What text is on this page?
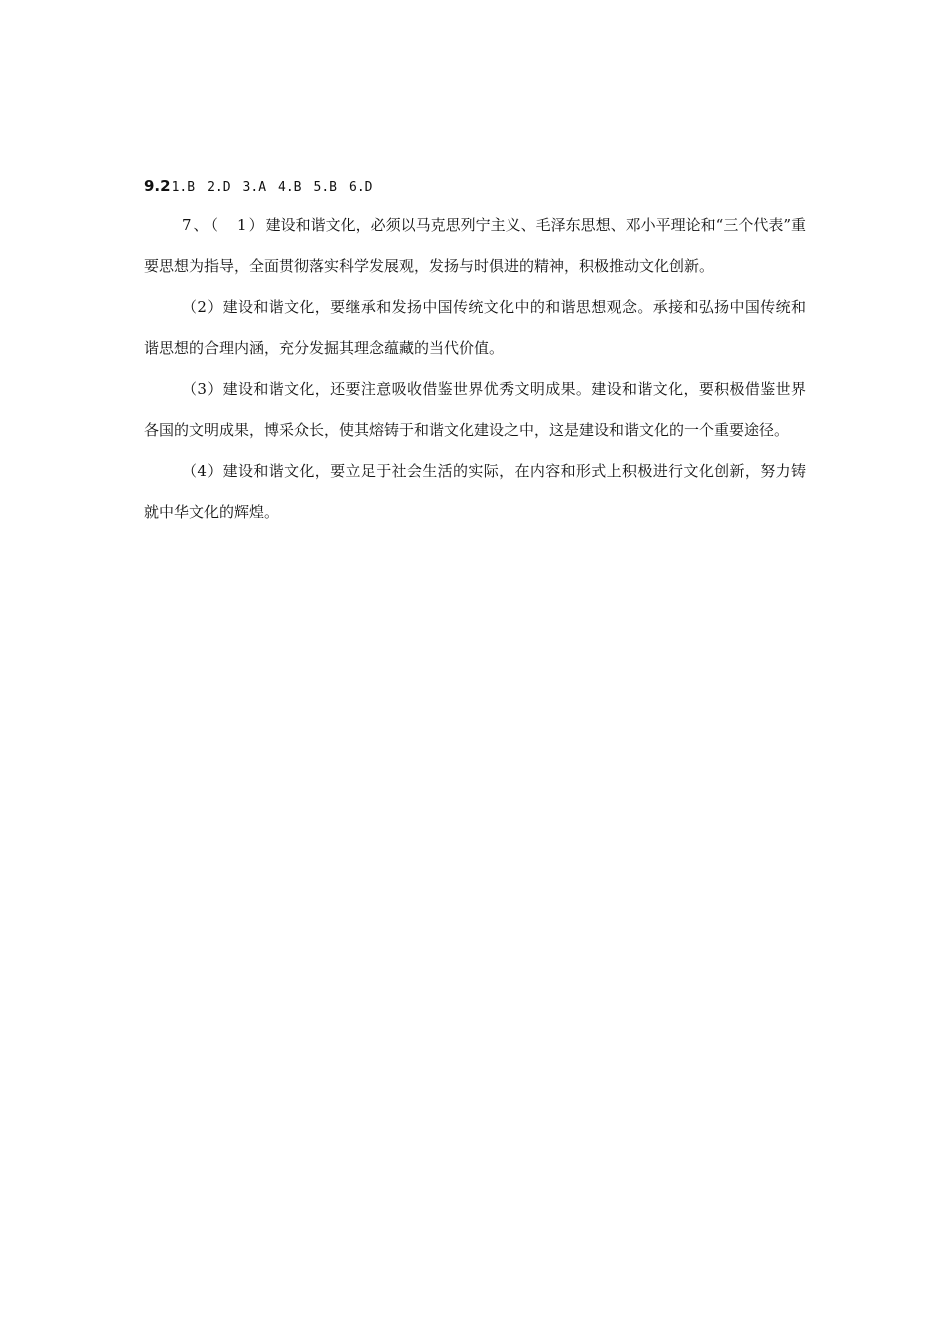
9.21.B 2.D 3.A 4.B 5.B 6.D

7、（　1）建设和谐文化，必须以马克思列宁主义、毛泽东思想、邓小平理论和“三个代表”重要思想为指导，全面贯彻落实科学发展观，发扬与时俱进的精神，积极推动文化创新。

（2）建设和谐文化，要继承和发扬中国传统文化中的和谐思想观念。承接和弘扬中国传统和谐思想的合理内涵，充分发掘其理念蕴藏的当代价值。

（3）建设和谐文化，还要注意吸收借鉴世界优秀文明成果。建设和谐文化，要积极借鉴世界各国的文明成果，博采众长，使其熔铸于和谐文化建设之中，这是建设和谐文化的一个重要途径。

（4）建设和谐文化，要立足于社会生活的实际，在内容和形式上积极进行文化创新，努力铸就中华文化的辉煌。
